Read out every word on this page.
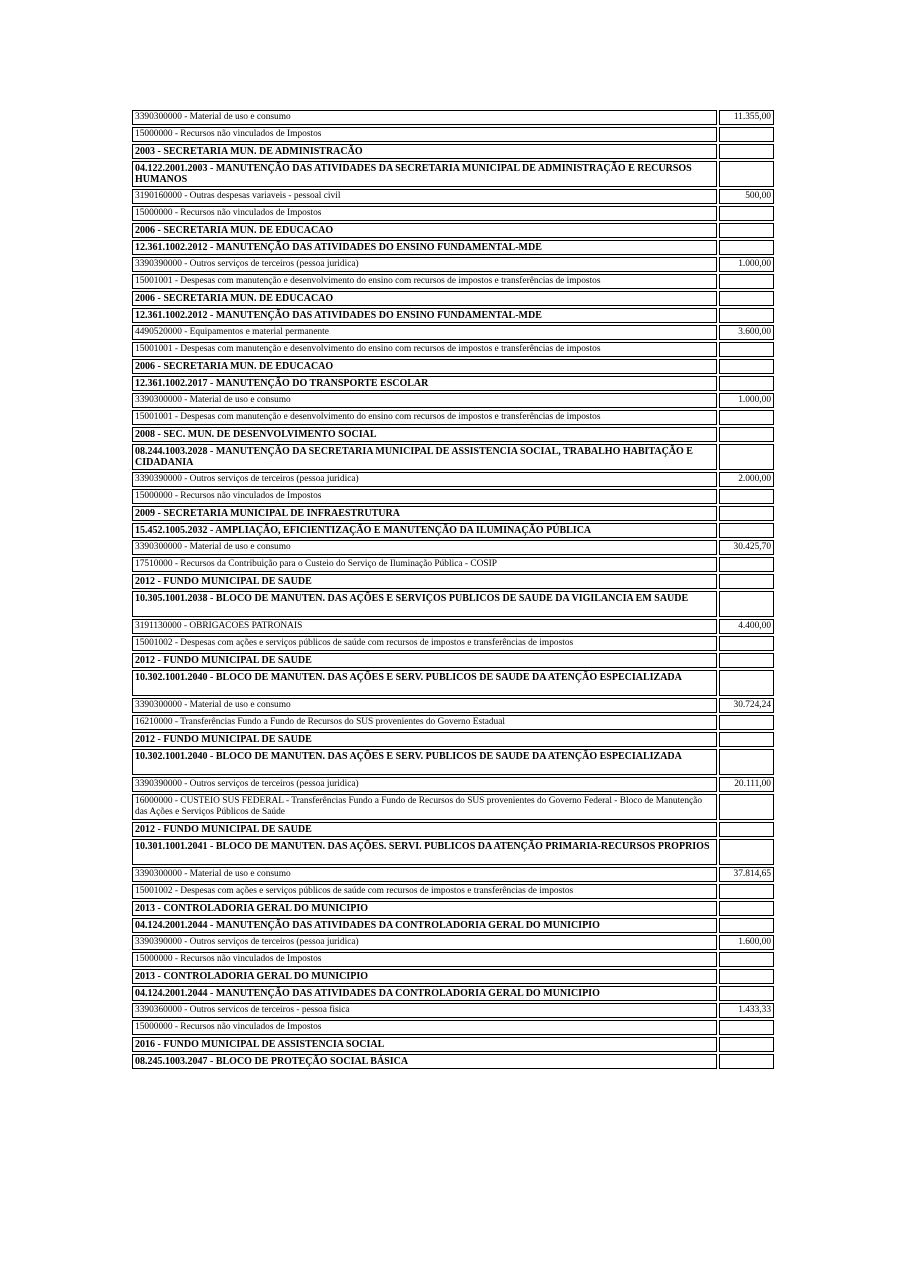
3390300000 - Material de uso e consumo	11.355,00
15000000 - Recursos não vinculados de Impostos	
2003 - SECRETARIA MUN. DE ADMINISTRACÃO	
04.122.2001.2003 - MANUTENÇÃO DAS ATIVIDADES DA SECRETARIA MUNICIPAL DE ADMINISTRAÇÃO E RECURSOS HUMANOS	
3190160000 - Outras despesas variaveis - pessoal civil	500,00
15000000 - Recursos não vinculados de Impostos	
2006 - SECRETARIA MUN. DE EDUCACAO	
12.361.1002.2012 - MANUTENÇÃO DAS ATIVIDADES DO ENSINO FUNDAMENTAL-MDE	
3390390000 - Outros serviços de terceiros (pessoa juridica)	1.000,00
15001001 - Despesas com manutenção e desenvolvimento do ensino com recursos de impostos e transferências de impostos	
2006 - SECRETARIA MUN. DE EDUCACAO	
12.361.1002.2012 - MANUTENÇÃO DAS ATIVIDADES DO ENSINO FUNDAMENTAL-MDE	
4490520000 - Equipamentos e material permanente	3.600,00
15001001 - Despesas com manutenção e desenvolvimento do ensino com recursos de impostos e transferências de impostos	
2006 - SECRETARIA MUN. DE EDUCACAO	
12.361.1002.2017 - MANUTENÇÃO DO TRANSPORTE ESCOLAR	
3390300000 - Material de uso e consumo	1.000,00
15001001 - Despesas com manutenção e desenvolvimento do ensino com recursos de impostos e transferências de impostos	
2008 - SEC. MUN. DE DESENVOLVIMENTO SOCIAL	
08.244.1003.2028 - MANUTENÇÃO DA SECRETARIA MUNICIPAL DE ASSISTENCIA SOCIAL, TRABALHO HABITAÇÃO E CIDADANIA	
3390390000 - Outros serviços de terceiros (pessoa juridica)	2.000,00
15000000 - Recursos não vinculados de Impostos	
2009 - SECRETARIA MUNICIPAL DE INFRAESTRUTURA	
15.452.1005.2032 - AMPLIAÇÃO, EFICIENTIZAÇÃO E MANUTENÇÃO DA ILUMINAÇÃO PÚBLICA	
3390300000 - Material de uso e consumo	30.425,70
17510000 - Recursos da Contribuição para o Custeio do Serviço de Iluminação Pública - COSIP	
2012 - FUNDO MUNICIPAL DE SAUDE	
10.305.1001.2038 - BLOCO DE MANUTEN. DAS AÇÕES E SERVIÇOS PUBLICOS DE SAUDE DA VIGILANCIA EM SAUDE	
3191130000 - OBRIGACOES PATRONAIS	4.400,00
15001002 - Despesas com ações e serviços públicos de saúde com recursos de impostos e transferências de impostos	
2012 - FUNDO MUNICIPAL DE SAUDE	
10.302.1001.2040 - BLOCO DE MANUTEN. DAS AÇÕES E SERV. PUBLICOS DE SAUDE DA ATENÇÃO ESPECIALIZADA	
3390300000 - Material de uso e consumo	30.724,24
16210000 - Transferências Fundo a Fundo de Recursos do SUS provenientes do Governo Estadual	
2012 - FUNDO MUNICIPAL DE SAUDE	
10.302.1001.2040 - BLOCO DE MANUTEN. DAS AÇÕES E SERV. PUBLICOS DE SAUDE DA ATENÇÃO ESPECIALIZADA	
3390390000 - Outros serviços de terceiros (pessoa juridica)	20.111,00
16000000 - CUSTEIO SUS FEDERAL - Transferências Fundo a Fundo de Recursos do SUS provenientes do Governo Federal - Bloco de Manutenção das Ações e Serviços Públicos de Saúde	
2012 - FUNDO MUNICIPAL DE SAUDE	
10.301.1001.2041 - BLOCO DE MANUTEN. DAS AÇÕES. SERVI. PUBLICOS DA ATENÇÃO PRIMARIA-RECURSOS PROPRIOS	
3390300000 - Material de uso e consumo	37.814,65
15001002 - Despesas com ações e serviços públicos de saúde com recursos de impostos e transferências de impostos	
2013 - CONTROLADORIA GERAL DO MUNICIPIO	
04.124.2001.2044 - MANUTENÇÃO DAS ATIVIDADES DA CONTROLADORIA GERAL DO MUNICIPIO	
3390390000 - Outros serviços de terceiros (pessoa juridica)	1.600,00
15000000 - Recursos não vinculados de Impostos	
2013 - CONTROLADORIA GERAL DO MUNICIPIO	
04.124.2001.2044 - MANUTENÇÃO DAS ATIVIDADES DA CONTROLADORIA GERAL DO MUNICIPIO	
3390360000 - Outros servicos de terceiros - pessoa fisica	1.433,33
15000000 - Recursos não vinculados de Impostos	
2016 - FUNDO MUNICIPAL DE ASSISTENCIA SOCIAL	
08.245.1003.2047 - BLOCO DE PROTEÇÃO SOCIAL BÁSICA	
